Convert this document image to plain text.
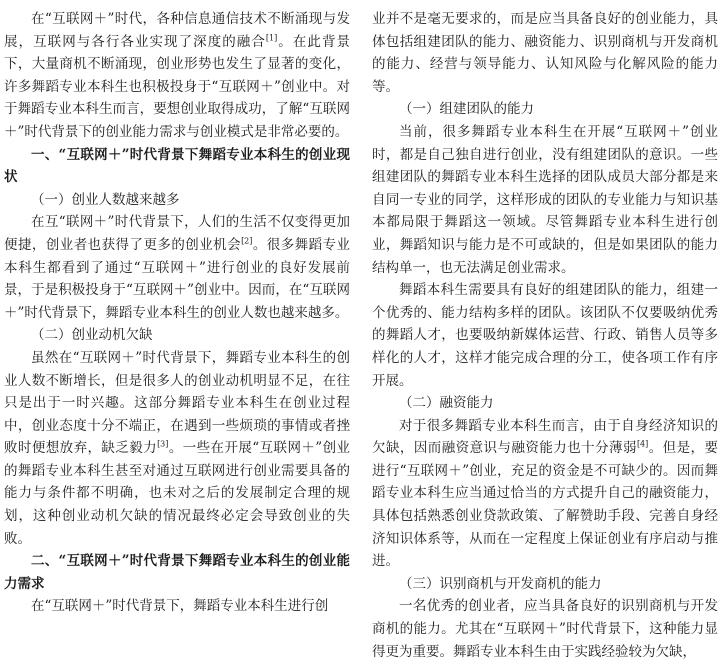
在“互联网＋”时代，各种信息通信技术不断涌现与发展，互联网与各行各业实现了深度的融合[1]。在此背景下，大量商机不断涌现，创业形势也发生了显著的变化，许多舞蹈专业本科生也积极投身于“互联网＋”创业中。对于舞蹈专业本科生而言，要想创业取得成功，了解“互联网＋”时代背景下的创业能力需求与创业模式是非常必要的。

一、“互联网＋”时代背景下舞蹈专业本科生的创业现状

（一）创业人数越来越多

在互“联网＋”时代背景下，人们的生活不仅变得更加便捷，创业者也获得了更多的创业机会[2]。很多舞蹈专业本科生都看到了通过“互联网＋”进行创业的良好发展前景，于是积极投身于“互联网＋”创业中。因而，在“互联网＋”时代背景下，舞蹈专业本科生的创业人数也越来越多。

（二）创业动机欠缺

虽然在“互联网＋”时代背景下，舞蹈专业本科生的创业人数不断增长，但是很多人的创业动机明显不足，在往只是出于一时兴趣。这部分舞蹈专业本科生在创业过程中，创业态度十分不端正，在遇到一些烦琐的事情或者挫败时便想放弃，缺乏毅力[3]。一些在开展“互联网＋”创业的舞蹈专业本科生甚至对通过互联网进行创业需要具备的能力与条件都不明确，也未对之后的发展制定合理的规划，这种创业动机欠缺的情况最终必定会导致创业的失败。

二、“互联网＋”时代背景下舞蹈专业本科生的创业能力需求

在“互联网＋”时代背景下，舞蹈专业本科生进行创

业并不是毫无要求的，而是应当具备良好的创业能力，具体包括组建团队的能力、融资能力、识别商机与开发商机的能力、经营与领导能力、认知风险与化解风险的能力等。

（一）组建团队的能力

当前，很多舞蹈专业本科生在开展“互联网＋”创业时，都是自己独自进行创业，没有组建团队的意识。一些组建团队的舞蹈专业本科生选择的团队成员大部分都是来自同一专业的同学，这样形成的团队的专业能力与知识基本都局限于舞蹈这一领域。尽管舞蹈专业本科生进行创业，舞蹈知识与能力是不可或缺的，但是如果团队的能力结构单一，也无法满足创业需求。

舞蹈本科生需要具有良好的组建团队的能力，组建一个优秀的、能力结构多样的团队。该团队不仅要吸纳优秀的舞蹈人才，也要吸纳新媒体运营、行政、销售人员等多样化的人才，这样才能完成合理的分工，使各项工作有序开展。

（二）融资能力

对于很多舞蹈专业本科生而言，由于自身经济知识的欠缺，因而融资意识与融资能力也十分薄弱[4]。但是，要进行“互联网＋”创业，充足的资金是不可缺少的。因而舞蹈专业本科生应当通过恰当的方式提升自己的融资能力，具体包括熟悉创业贷款政策、了解赞助手段、完善自身经济知识体系等，从而在一定程度上保证创业有序启动与推进。

（三）识别商机与开发商机的能力

一名优秀的创业者，应当具备良好的识别商机与开发商机的能力。尤其在“互联网＋”时代背景下，这种能力显得更为重要。舞蹈专业本科生由于实践经验较为欠缺，
